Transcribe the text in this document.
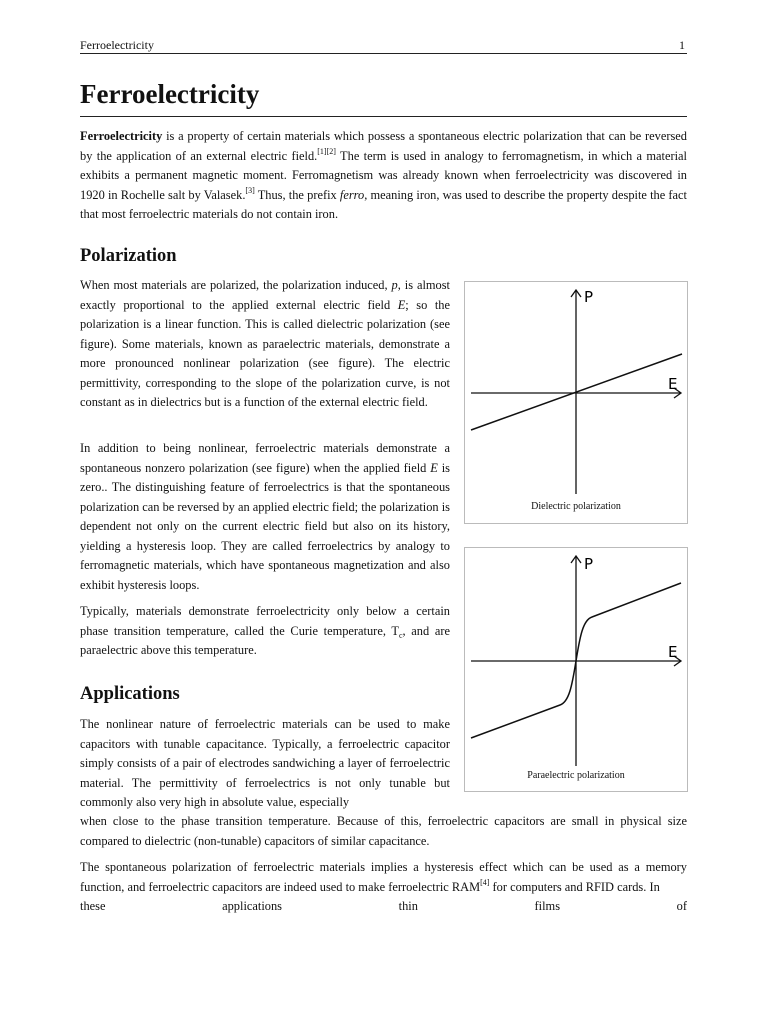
Ferroelectricity	1
Ferroelectricity

Ferroelectricity is a property of certain materials which possess a spontaneous electric polarization that can be reversed by the application of an external electric field.[1][2] The term is used in analogy to ferromagnetism, in which a material exhibits a permanent magnetic moment. Ferromagnetism was already known when ferroelectricity was discovered in 1920 in Rochelle salt by Valasek.[3] Thus, the prefix ferro, meaning iron, was used to describe the property despite the fact that most ferroelectric materials do not contain iron.

Polarization

When most materials are polarized, the polarization induced, p, is almost exactly proportional to the applied external electric field E; so the polarization is a linear function. This is called dielectric polarization (see figure). Some materials, known as paraelectric materials, demonstrate a more pronounced nonlinear polarization (see figure). The electric permittivity, corresponding to the slope of the polarization curve, is not constant as in dielectrics but is a function of the external electric field.

In addition to being nonlinear, ferroelectric materials demonstrate a spontaneous nonzero polarization (see figure) when the applied field E is zero.. The distinguishing feature of ferroelectrics is that the spontaneous polarization can be reversed by an applied electric field; the polarization is dependent not only on the current electric field but also on its history, yielding a hysteresis loop. They are called ferroelectrics by analogy to ferromagnetic materials, which have spontaneous magnetization and also exhibit hysteresis loops.

Typically, materials demonstrate ferroelectricity only below a certain phase transition temperature, called the Curie temperature, $T_c$, and are paraelectric above this temperature.

Applications

The nonlinear nature of ferroelectric materials can be used to make capacitors with tunable capacitance. Typically, a ferroelectric capacitor simply consists of a pair of electrodes sandwiching a layer of ferroelectric material. The permittivity of ferroelectrics is not only tunable but commonly also very high in absolute value, especially

when close to the phase transition temperature. Because of this, ferroelectric capacitors are small in physical size compared to dielectric (non-tunable) capacitors of similar capacitance.

The spontaneous polarization of ferroelectric materials implies a hysteresis effect which can be used as a memory function, and ferroelectric capacitors are indeed used to make ferroelectric RAM[4] for computers and RFID cards. In

these	applications	thin	films	of
P
E
Dielectric polarization
P
E
Paraelectric polarization
